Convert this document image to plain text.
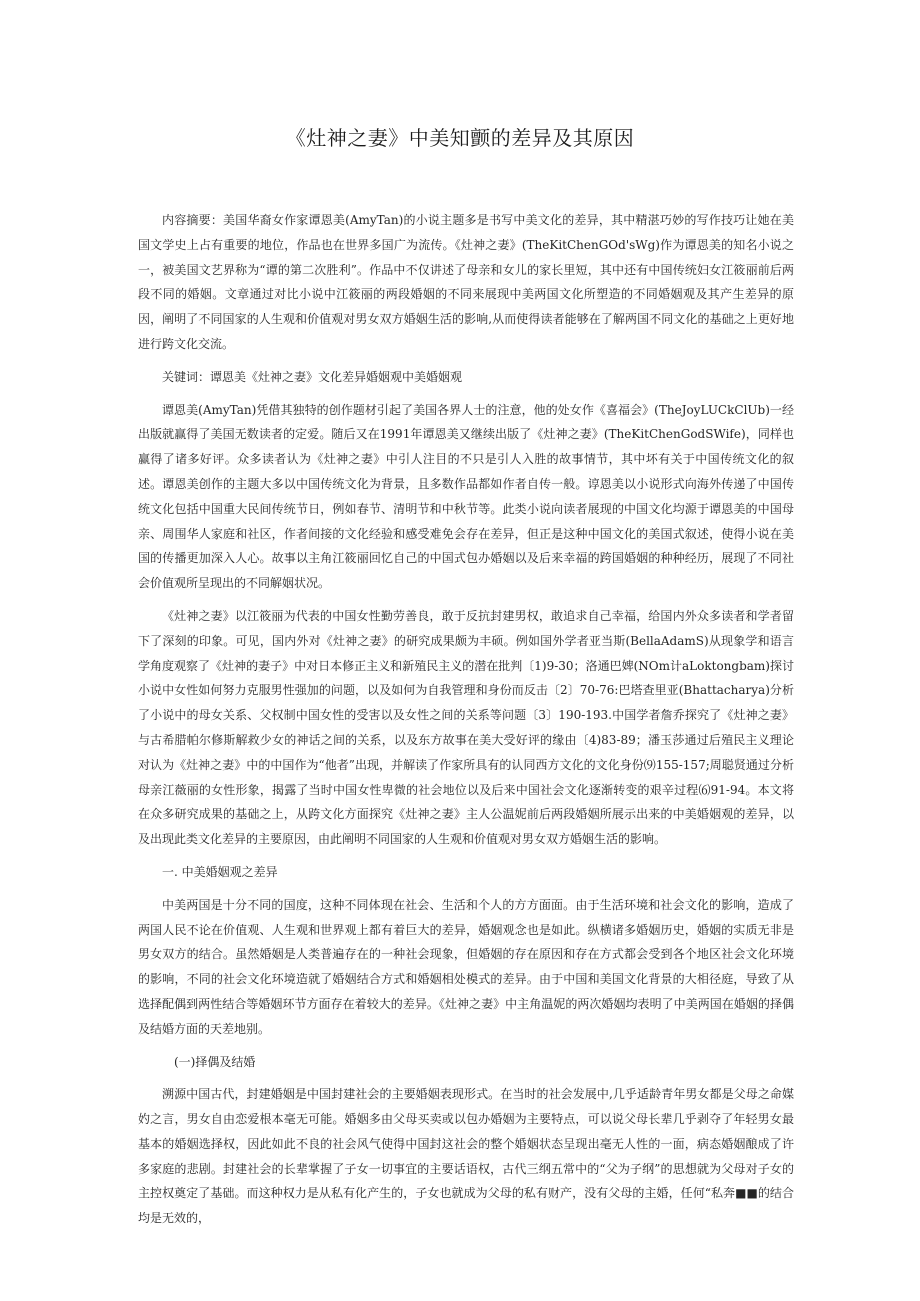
《灶神之妻》中美知颤的差异及其原因

内容摘要：美国华裔女作家谭恩美(AmyTan)的小说主题多是书写中美文化的差异，其中精湛巧妙的写作技巧让她在美国文学史上占有重要的地位，作品也在世界多国广为流传。《灶神之妻》(TheKitChenGOd'sWg)作为谭恩美的知名小说之一，被美国文艺界称为“谭的第二次胜利”。作品中不仅讲述了母亲和女儿的家长里短，其中还有中国传统妇女江筱丽前后两段不同的婚姻。文章通过对比小说中江筱丽的两段婚姻的不同来展现中美两国文化所塑造的不同婚姻观及其产生差异的原因，阐明了不同国家的人生观和价值观对男女双方婚姻生活的影响,从而使得读者能够在了解两国不同文化的基础之上更好地进行跨文化交流。

关键词：谭恩美《灶神之妻》文化差异婚姻观中美婚姻观

谭恩美(AmyTan)凭借其独特的创作题材引起了美国各界人士的注意，他的处女作《喜福会》(TheJoyLUCkClUb)一经出版就赢得了美国无数读者的定爱。随后又在1991年谭恩美又继续出版了《灶神之妻》(TheKitChenGodSWife)，同样也赢得了诸多好评。众多读者认为《灶神之妻》中引人注目的不只是引人入胜的故事情节，其中坏有关于中国传统文化的叙述。谭恩美创作的主题大多以中国传统文化为背景，且多数作品都如作者自传一般。谆恩美以小说形式向海外传递了中国传统文化包括中国重大民间传统节日，例如春节、清明节和中秋节等。此类小说向读者展现的中国文化均源于谭恩美的中国母亲、周围华人家庭和社区，作者间接的文化经验和感受难免会存在差异，但正是这种中国文化的美国式叙述，使得小说在美国的传播更加深入人心。故事以主角江筱丽回忆自己的中国式包办婚姻以及后来幸福的跨国婚姻的种种经历，展现了不同社会价值观所呈现出的不同解姻状况。

《灶神之妻》以江筱丽为代表的中国女性勤劳善良，敢于反抗封建男权，敢追求自己幸福，给国内外众多读者和学者留下了深刻的印象。可见，国内外对《灶神之妻》的研究成果颇为丰硕。例如国外学者亚当斯(BellaAdamS)从现象学和语言学角度观察了《灶神的妻子》中对日本修正主义和新殖民主义的潜在批判〔1)9-30；洛通巴婢(NOm计aLoktongbam)探讨小说中女性如何努力克服男性强加的问题，以及如何为自我管理和身份而反击〔2〕70-76:巴塔查里亚(Bhattacharya)分析了小说中的母女关系、父权制中国女性的受害以及女性之间的关系等问题〔3〕190-193.中国学者詹乔探究了《灶神之妻》与古希腊帕尔修斯解救少女的神话之间的关系，以及东方故事在美大受好评的缘由〔4)83-89；潘玉莎通过后殖民主义理论对认为《灶神之妻》中的中国作为“他者”出现，并解读了作家所具有的认同西方文化的文化身份⑼155-157;周聪贤通过分析母亲江薇丽的女性形象，揭露了当时中国女性卑微的社会地位以及后来中国社会文化逐渐转变的艰辛过程⑹91-94。本文将在众多研究成果的基础之上，从跨文化方面探究《灶神之妻》主人公温妮前后两段婚姻所展示出来的中美婚姻观的差异，以及出现此类文化差异的主要原因，由此阐明不同国家的人生观和价值观对男女双方婚姻生活的影响。

一. 中美婚姻观之差异

中美两国是十分不同的国度，这种不同体现在社会、生活和个人的方方面面。由于生活环境和社会文化的影响，造成了两国人民不论在价值观、人生观和世界观上都有着巨大的差异，婚姻观念也是如此。纵横诸多婚姻历史，婚姻的实质无非是男女双方的结合。虽然婚姻是人类普遍存在的一种社会现象，但婚姻的存在原因和存在方式都会受到各个地区社会文化环境的影响，不同的社会文化环境造就了婚姻结合方式和婚姻相处模式的差异。由于中国和美国文化背景的大相径庭，导致了从选择配偶到两性结合等婚姻环节方面存在着较大的差异。《灶神之妻》中主角温妮的两次婚姻均表明了中美两国在婚姻的择偶及结婚方面的天差地别。

(一)择偶及结婚

溯源中国古代，封建婚姻是中国封建社会的主要婚姻表现形式。在当时的社会发展中,几乎适龄青年男女都是父母之命媒妁之言，男女自由恋爱根本毫无可能。婚姻多由父母买卖或以包办婚姻为主要特点，可以说父母长辈几乎剥夺了年轻男女最基本的婚姻选择权，因此如此不良的社会风气使得中国封这社会的整个婚姻状态呈现出毫无人性的一面，病态婚姻酿成了许多家庭的悲剧。封建社会的长辈掌握了子女一切事宜的主要话语权，古代三纲五常中的“父为子纲”的思想就为父母对子女的主控权奠定了基础。而这种权力是从私有化产生的，子女也就成为父母的私有财产，没有父母的主婚，任何“私奔■■的结合均是无效的，
